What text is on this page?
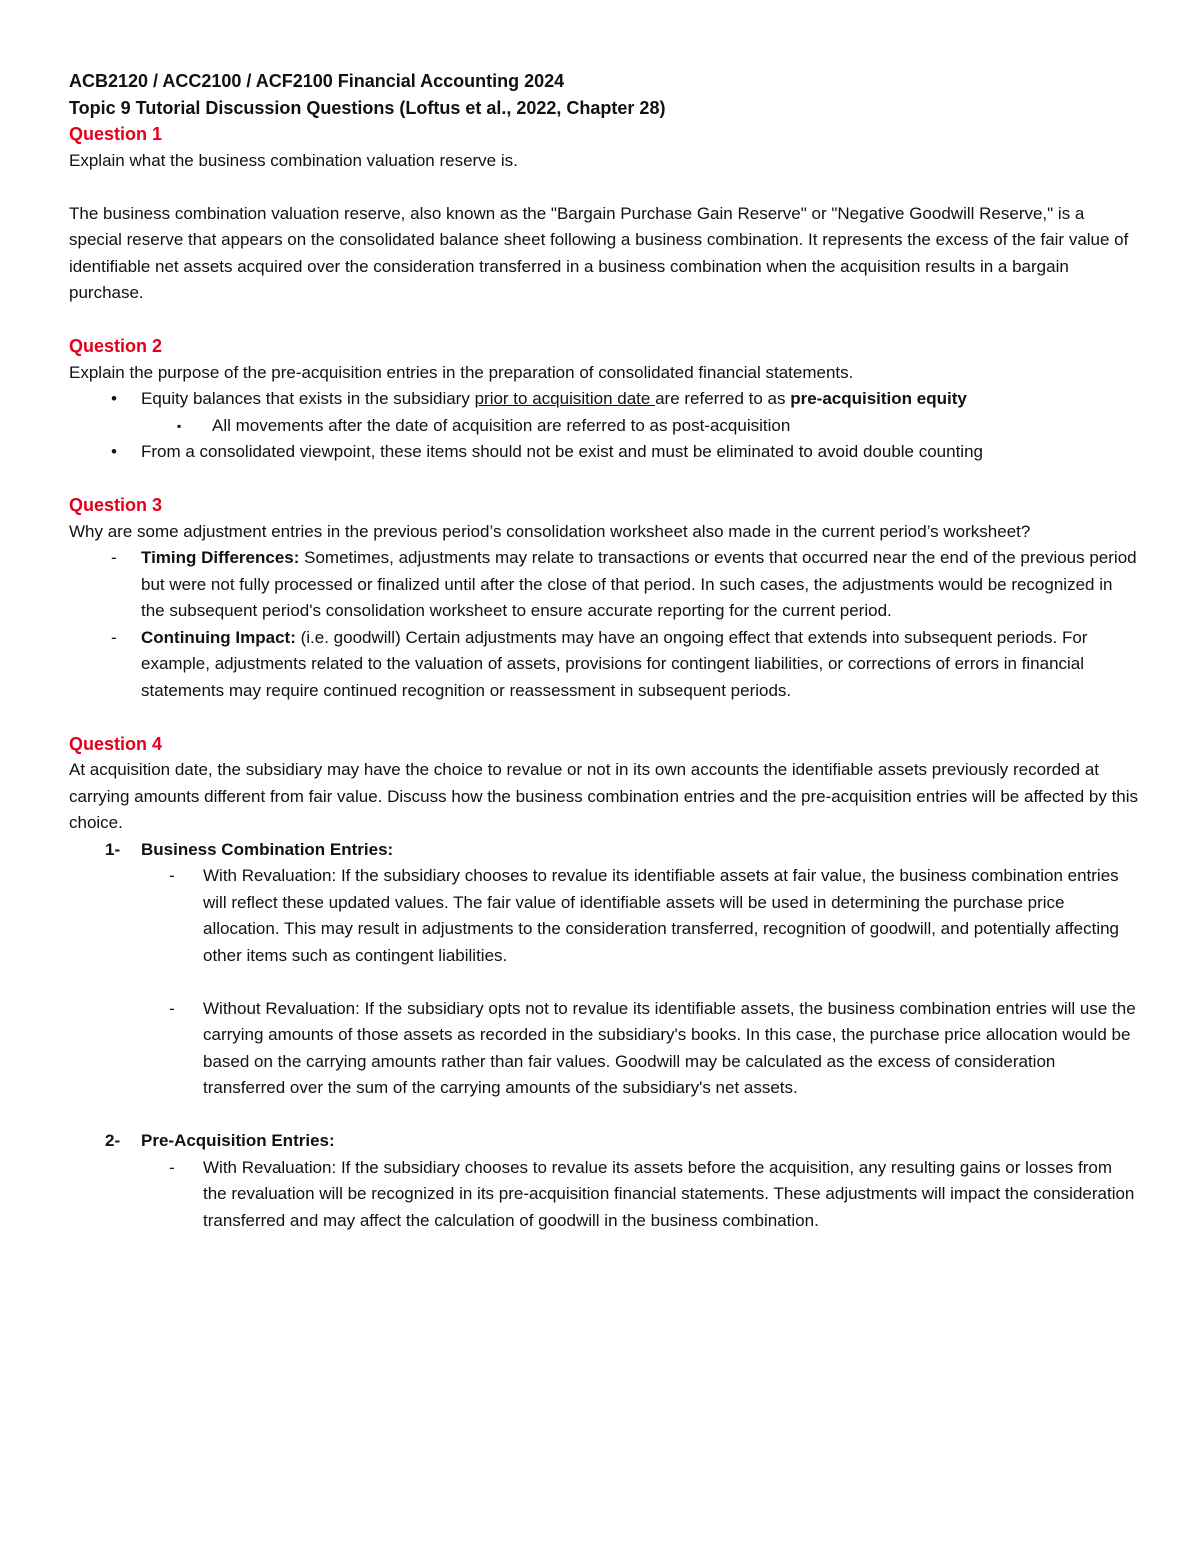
ACB2120 / ACC2100 / ACF2100 Financial Accounting 2024

Topic 9 Tutorial Discussion Questions (Loftus et al., 2022, Chapter 28)

Question 1

Explain what the business combination valuation reserve is.

The business combination valuation reserve, also known as the "Bargain Purchase Gain Reserve" or "Negative Goodwill Reserve," is a special reserve that appears on the consolidated balance sheet following a business combination. It represents the excess of the fair value of identifiable net assets acquired over the consideration transferred in a business combination when the acquisition results in a bargain purchase.

Question 2

Explain the purpose of the pre-acquisition entries in the preparation of consolidated financial statements.

• Equity balances that exists in the subsidiary prior to acquisition date are referred to as pre-acquisition equity
▪ All movements after the date of acquisition are referred to as post-acquisition
• From a consolidated viewpoint, these items should not be exist and must be eliminated to avoid double counting

Question 3

Why are some adjustment entries in the previous period’s consolidation worksheet also made in the current period’s worksheet?

- Timing Differences: Sometimes, adjustments may relate to transactions or events that occurred near the end of the previous period but were not fully processed or finalized until after the close of that period. In such cases, the adjustments would be recognized in the subsequent period's consolidation worksheet to ensure accurate reporting for the current period.
- Continuing Impact: (i.e. goodwill) Certain adjustments may have an ongoing effect that extends into subsequent periods. For example, adjustments related to the valuation of assets, provisions for contingent liabilities, or corrections of errors in financial statements may require continued recognition or reassessment in subsequent periods.

Question 4

At acquisition date, the subsidiary may have the choice to revalue or not in its own accounts the identifiable assets previously recorded at carrying amounts different from fair value. Discuss how the business combination entries and the pre-acquisition entries will be affected by this choice.

1- Business Combination Entries:
- With Revaluation: If the subsidiary chooses to revalue its identifiable assets at fair value, the business combination entries will reflect these updated values. The fair value of identifiable assets will be used in determining the purchase price allocation. This may result in adjustments to the consideration transferred, recognition of goodwill, and potentially affecting other items such as contingent liabilities.
- Without Revaluation: If the subsidiary opts not to revalue its identifiable assets, the business combination entries will use the carrying amounts of those assets as recorded in the subsidiary's books. In this case, the purchase price allocation would be based on the carrying amounts rather than fair values. Goodwill may be calculated as the excess of consideration transferred over the sum of the carrying amounts of the subsidiary's net assets.
2- Pre-Acquisition Entries:
- With Revaluation: If the subsidiary chooses to revalue its assets before the acquisition, any resulting gains or losses from the revaluation will be recognized in its pre-acquisition financial statements. These adjustments will impact the consideration transferred and may affect the calculation of goodwill in the business combination.
